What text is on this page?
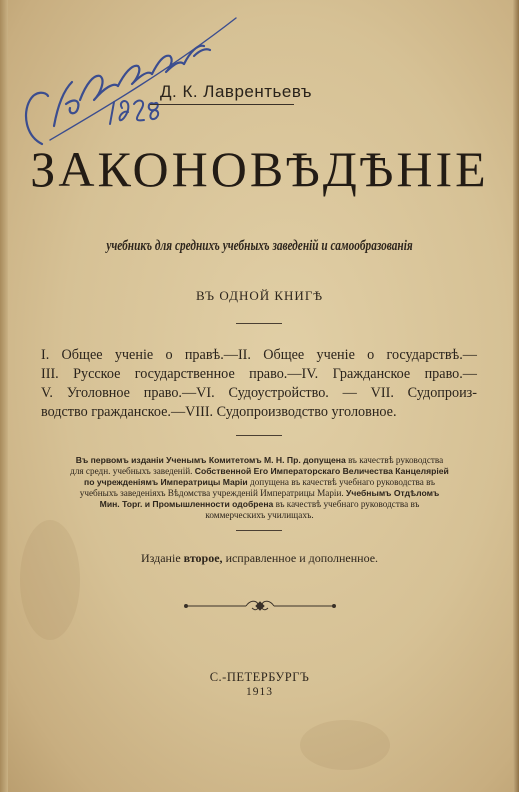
Д. К. Лаврентьевъ
ЗАКОНОВѢДѢНІЕ
учебникъ для среднихъ учебныхъ заведеній и самообразованія
ВЪ ОДНОЙ КНИГѢ
I. Общее ученіе о правѣ.—II. Общее ученіе о государствѣ.—
III. Русское государственное право.—IV. Гражданское право.—
V. Уголовное право.—VI. Судоустройство. — VII. Судопроиз-
водство гражданское.—VIII. Судопроизводство уголовное.
Въ первомъ изданіи Ученымъ Комитетомъ М. Н. Пр. допущена въ качествѣ руководства для средн. учебныхъ заведеній. Собственной Его Императорскаго Величества Канцеляріей по учрежденіямъ Императрицы Маріи допущена въ качествѣ учебнаго руководства въ учебныхъ заведеніяхъ Вѣдомства учрежденій Императрицы Маріи. Учебнымъ Отдѣломъ Мин. Торг. и Промышленности одобрена въ качествѣ учебнаго руководства въ коммерческихъ училищахъ.
Изданіе второе, исправленное и дополненное.
С.-ПЕТЕРБУРГЪ
1913
